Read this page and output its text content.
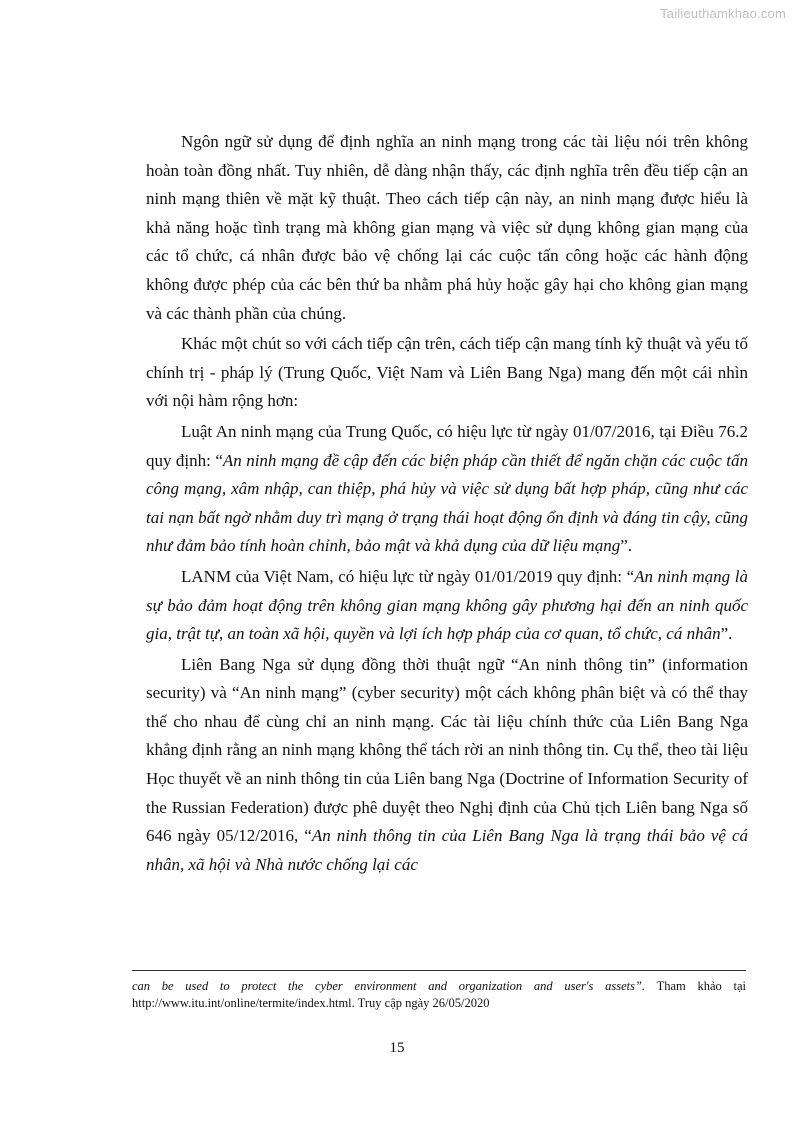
Tailieuthamkhao.com

Ngôn ngữ sử dụng để định nghĩa an ninh mạng trong các tài liệu nói trên không hoàn toàn đồng nhất. Tuy nhiên, dễ dàng nhận thấy, các định nghĩa trên đều tiếp cận an ninh mạng thiên về mặt kỹ thuật. Theo cách tiếp cận này, an ninh mạng được hiểu là khả năng hoặc tình trạng mà không gian mạng và việc sử dụng không gian mạng của các tổ chức, cá nhân được bảo vệ chống lại các cuộc tấn công hoặc các hành động không được phép của các bên thứ ba nhằm phá hủy hoặc gây hại cho không gian mạng và các thành phần của chúng.

Khác một chút so với cách tiếp cận trên, cách tiếp cận mang tính kỹ thuật và yếu tố chính trị - pháp lý (Trung Quốc, Việt Nam và Liên Bang Nga) mang đến một cái nhìn với nội hàm rộng hơn:

Luật An ninh mạng của Trung Quốc, có hiệu lực từ ngày 01/07/2016, tại Điều 76.2 quy định: “An ninh mạng đề cập đến các biện pháp cần thiết để ngăn chặn các cuộc tấn công mạng, xâm nhập, can thiệp, phá hủy và việc sử dụng bất hợp pháp, cũng như các tai nạn bất ngờ nhằm duy trì mạng ở trạng thái hoạt động ổn định và đáng tin cậy, cũng như đảm bảo tính hoàn chỉnh, bảo mật và khả dụng của dữ liệu mạng”.

LANM của Việt Nam, có hiệu lực từ ngày 01/01/2019 quy định: “An ninh mạng là sự bảo đảm hoạt động trên không gian mạng không gây phương hại đến an ninh quốc gia, trật tự, an toàn xã hội, quyền và lợi ích hợp pháp của cơ quan, tổ chức, cá nhân”.

Liên Bang Nga sử dụng đồng thời thuật ngữ “An ninh thông tin” (information security) và “An ninh mạng” (cyber security) một cách không phân biệt và có thể thay thế cho nhau để cùng chỉ an ninh mạng. Các tài liệu chính thức của Liên Bang Nga khẳng định rằng an ninh mạng không thể tách rời an ninh thông tin. Cụ thể, theo tài liệu Học thuyết về an ninh thông tin của Liên bang Nga (Doctrine of Information Security of the Russian Federation) được phê duyệt theo Nghị định của Chủ tịch Liên bang Nga số 646 ngày 05/12/2016, “An ninh thông tin của Liên Bang Nga là trạng thái bảo vệ cá nhân, xã hội và Nhà nước chống lại các

can be used to protect the cyber environment and organization and user's assets”. Tham khảo tại http://www.itu.int/online/termite/index.html. Truy cập ngày 26/05/2020
15
